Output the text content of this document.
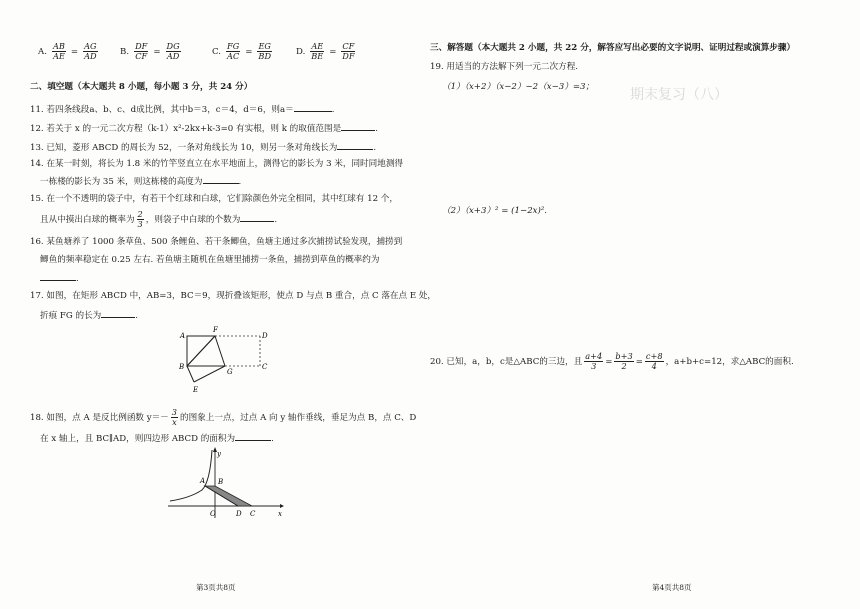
A. $\frac{AB}{AE} = \frac{AG}{AD}$	B. $\frac{DF}{CF} = \frac{DG}{AD}$	C. $\frac{FG}{AC} = \frac{EG}{BD}$	D. $\frac{AE}{BE} = \frac{CF}{DF}$
二、填空题（本大题共 8 小题，每小题 3 分，共 24 分）
11. 若四条线段a、b、c、d成比例，其中b＝3，c＝4，d＝6，则a＝	.
12. 若关于 x 的一元二次方程（k-1）x²-2kx+k-3=0 有实根，则 k 的取值范围是	.
13. 已知，菱形 ABCD 的周长为 52，一条对角线长为 10，则另一条对角线长为	.
14. 在某一时刻，将长为 1.8 米的竹竿竖直立在水平地面上，测得它的影长为 3 米，同时同地测得
一栋楼的影长为 35 米，则这栋楼的高度为	.
15. 在一个不透明的袋子中，有若干个红球和白球，它们除颜色外完全相同，其中红球有 12 个，
且从中摸出白球的概率为 $\frac{2}{3}$ ，则袋子中白球的个数为	.
16. 某鱼塘养了 1000 条草鱼、500 条鲤鱼、若干条鲫鱼，鱼塘主通过多次捕捞试验发现，捕捞到
鲫鱼的频率稳定在 0.25 左右. 若鱼塘主随机在鱼塘里捕捞一条鱼，捕捞到草鱼的概率约为
.
17. 如图，在矩形 ABCD 中，AB=3，BC＝9，现折叠该矩形，使点 D 与点 B 重合，点 C 落在点 E 处，
折痕 FG 的长为	.
A
F
D
B
G
C
E
18. 如图，点 A 是反比例函数 $y=- \frac{3}{x}$ 的图象上一点，过点 A 向 y 轴作垂线，垂足为点 B，点 C、D
在 x 轴上，且 BC∥AD，则四边形 ABCD 的面积为	.
y
x
A B
O	D C
第3页共8页
期末复习（八）
三、解答题（本大题共 2 小题，共 22 分，解答应写出必要的文字说明、证明过程或演算步骤）
19. 用适当的方法解下列一元二次方程.
（1）（x+2）（x−2）−2（x−3）=3；
（2）（x+3）² = (1−2x)².
20. 已知，a，b，c是△ABC的三边，且 $\frac{a+4}{3} = \frac{b+3}{2} = \frac{c+8}{4}$ ，a+b+c=12，求△ABC的面积.
第4页共8页
